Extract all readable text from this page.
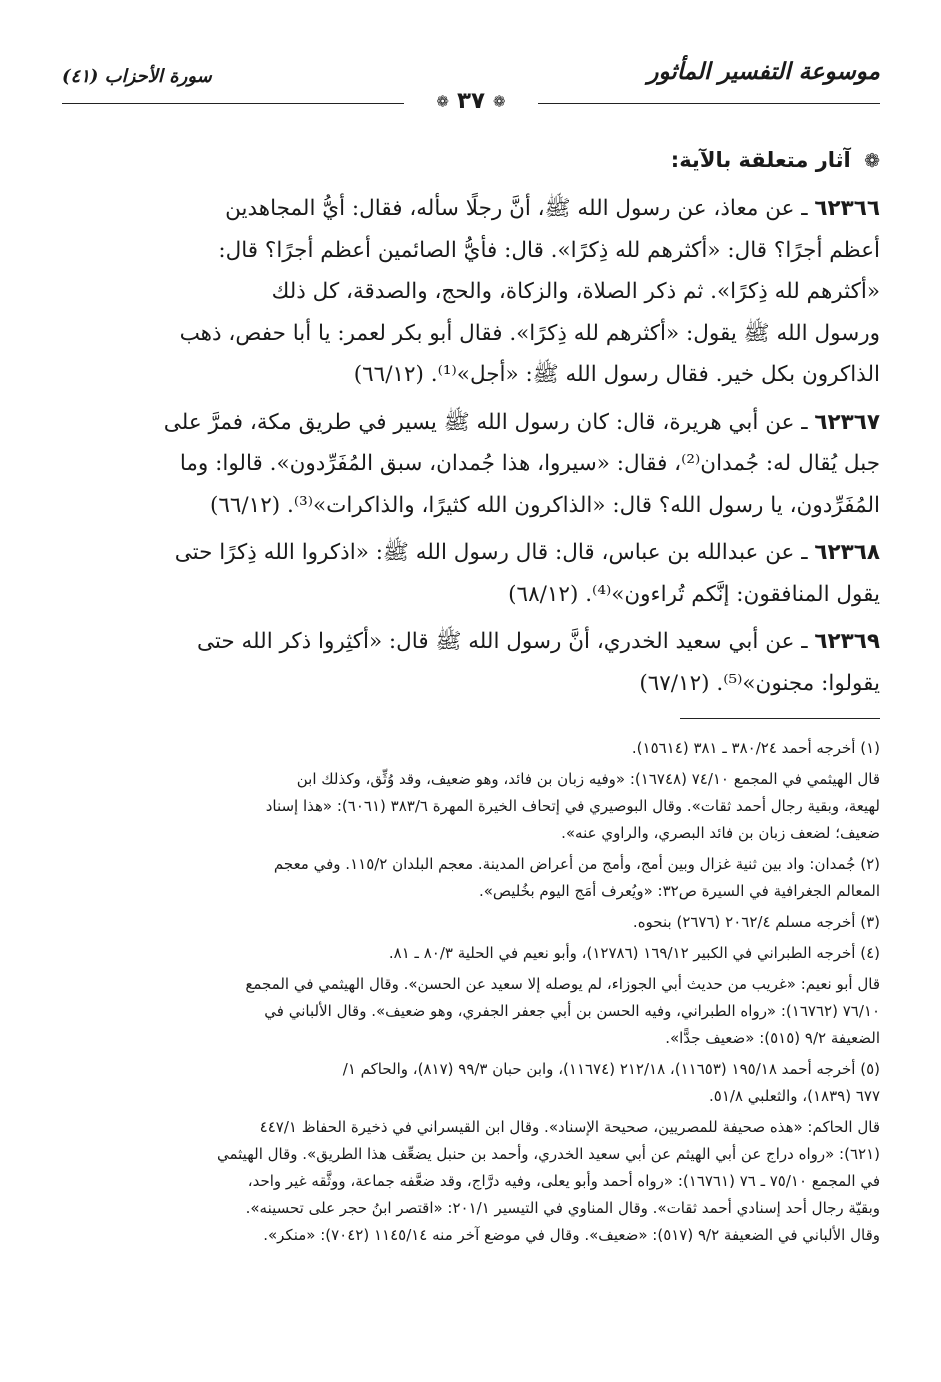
موسوعة التفسير المأثور
سورة الأحزاب (٤١)
❁ ٣٧ ❁
❁ آثار متعلقة بالآية:
٦٢٣٦٦ ـ عن معاذ، عن رسول الله ﷺ، أنَّ رجلًا سأله، فقال: أيُّ المجاهدين
أعظم أجرًا؟ قال: «أكثرهم لله ذِكرًا». قال: فأيُّ الصائمين أعظم أجرًا؟ قال:
«أكثرهم لله ذِكرًا». ثم ذكر الصلاة، والزكاة، والحج، والصدقة، كل ذلك
ورسول الله ﷺ يقول: «أكثرهم لله ذِكرًا». فقال أبو بكر لعمر: يا أبا حفص، ذهب
الذاكرون بكل خير. فقال رسول الله ﷺ: «أجل»⁽¹⁾. (٦٦/١٢)
٦٢٣٦٧ ـ عن أبي هريرة، قال: كان رسول الله ﷺ يسير في طريق مكة، فمرَّ على
جبل يُقال له: جُمدان⁽²⁾، فقال: «سيروا، هذا جُمدان، سبق المُفَرِّدون». قالوا: وما
المُفَرِّدون، يا رسول الله؟ قال: «الذاكرون الله كثيرًا، والذاكرات»⁽³⁾. (٦٦/١٢)
٦٢٣٦٨ ـ عن عبدالله بن عباس، قال: قال رسول الله ﷺ: «اذكروا الله ذِكرًا حتى
يقول المنافقون: إنَّكم تُراءون»⁽⁴⁾. (٦٨/١٢)
٦٢٣٦٩ ـ عن أبي سعيد الخدري، أنَّ رسول الله ﷺ قال: «أكثِروا ذكر الله حتى
يقولوا: مجنون»⁽⁵⁾. (٦٧/١٢)
(١) أخرجه أحمد ٣٨٠/٢٤ ـ ٣٨١ (١٥٦١٤).
قال الهيثمي في المجمع ٧٤/١٠ (١٦٧٤٨): «وفيه زبان بن فائد، وهو ضعيف، وقد وُثِّق، وكذلك ابن
لهيعة، وبقية رجال أحمد ثقات». وقال البوصيري في إتحاف الخيرة المهرة ٣٨٣/٦ (٦٠٦١): «هذا إسناد
ضعيف؛ لضعف زبان بن فائد البصري، والراوي عنه».
(٢) جُمدان: واد بين ثنية غزال وبين أمج، وأمج من أعراض المدينة. معجم البلدان ١١٥/٢. وفي معجم
المعالم الجغرافية في السيرة ص٣٢: «ويُعرف أمَج اليوم بخُليص».
(٣) أخرجه مسلم ٢٠٦٢/٤ (٢٦٧٦) بنحوه.
(٤) أخرجه الطبراني في الكبير ١٦٩/١٢ (١٢٧٨٦)، وأبو نعيم في الحلية ٨٠/٣ ـ ٨١.
قال أبو نعيم: «غريب من حديث أبي الجوزاء، لم يوصله إلا سعيد عن الحسن». وقال الهيثمي في المجمع
٧٦/١٠ (١٦٧٦٢): «رواه الطبراني، وفيه الحسن بن أبي جعفر الجفري، وهو ضعيف». وقال الألباني في
الضعيفة ٩/٢ (٥١٥): «ضعيف جدًّا».
(٥) أخرجه أحمد ١٩٥/١٨ (١١٦٥٣)، ٢١٢/١٨ (١١٦٧٤)، وابن حبان ٩٩/٣ (٨١٧)، والحاكم ١/
٦٧٧ (١٨٣٩)، والثعلبي ٥١/٨.
قال الحاكم: «هذه صحيفة للمصريين، صحيحة الإسناد». وقال ابن القيسراني في ذخيرة الحفاظ ٤٤٧/١
(٦٢١): «رواه دراج عن أبي الهيثم عن أبي سعيد الخدري، وأحمد بن حنبل يضعِّف هذا الطريق». وقال الهيثمي
في المجمع ٧٥/١٠ ـ ٧٦ (١٦٧٦١): «رواه أحمد وأبو يعلى، وفيه درَّاج، وقد ضعَّفه جماعة، ووثَّقه غير واحد،
وبقيّة رجال أحد إسنادي أحمد ثقات». وقال المناوي في التيسير ٢٠١/١: «اقتصر ابنُ حجر على تحسينه».
وقال الألباني في الضعيفة ٩/٢ (٥١٧): «ضعيف». وقال في موضع آخر منه ١١٤٥/١٤ (٧٠٤٢): «منكر».
